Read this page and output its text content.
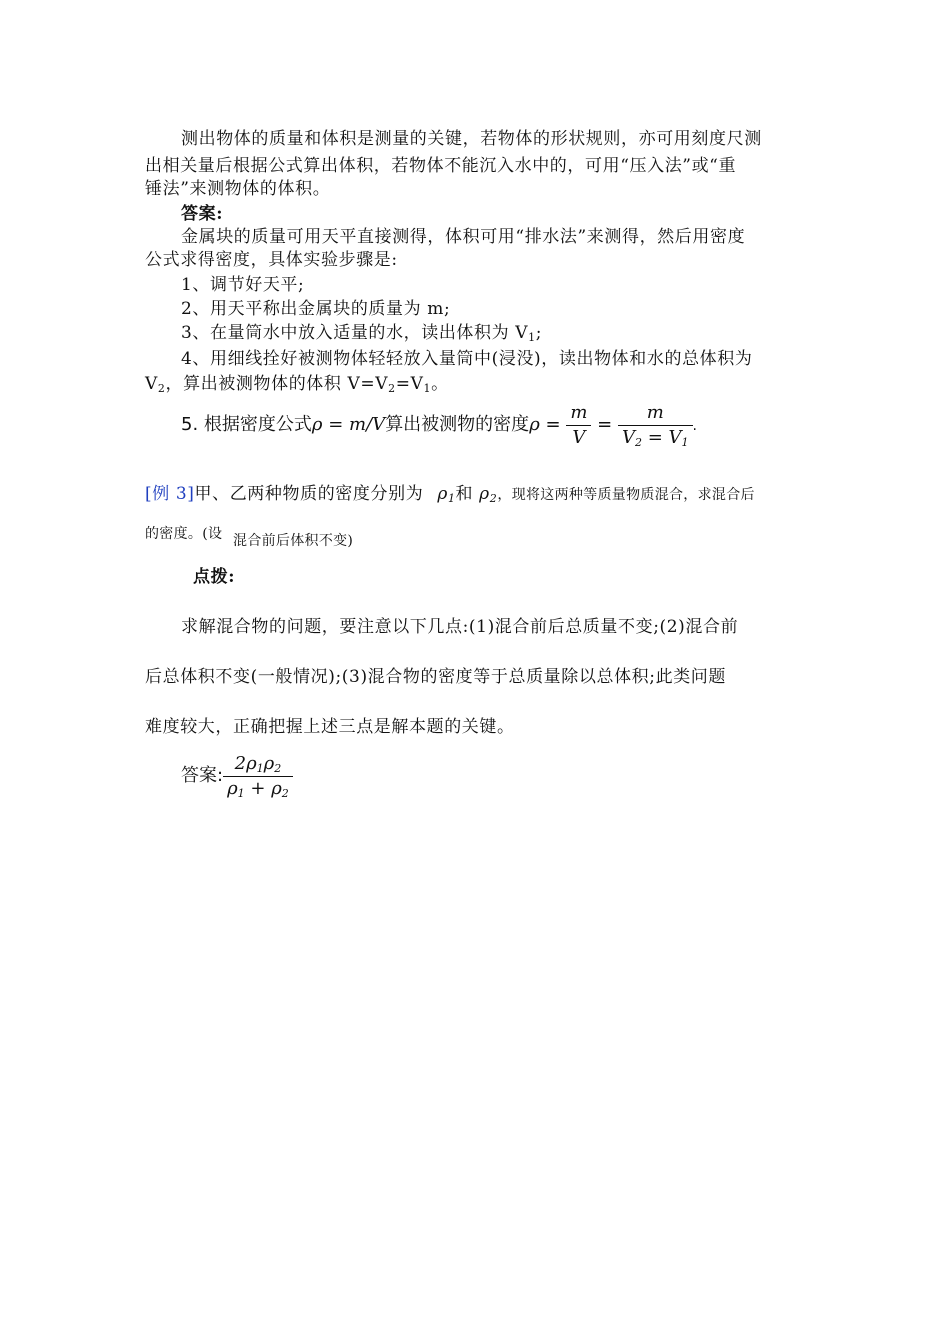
测出物体的质量和体积是测量的关键，若物体的形状规则，亦可用刻度尺测
出相关量后根据公式算出体积，若物体不能沉入水中的，可用“压入法”或“重
锤法”来测物体的体积。
答案:
金属块的质量可用天平直接测得，体积可用“排水法”来测得，然后用密度
公式求得密度，具体实验步骤是:
1、调节好天平;
2、用天平称出金属块的质量为 m;
3、在量筒水中放入适量的水，读出体积为 $V_1$;
4、用细线拴好被测物体轻轻放入量筒中(浸没)，读出物体和水的总体积为
$V_2$，算出被测物体的体积 $V=V_2=V_1$。
5. 根据密度公式ρ = m/V算出被测物的密度$\rho = \frac{m}{V} = \frac{m}{V_2 = V_1}$ .
[例 3]甲、乙两种物质的密度分别为 $\rho_1$和 $\rho_2$，现将这两种等质量物质混合，求混合后
的密度。(设 混合前后体积不变)
点拨:
求解混合物的问题，要注意以下几点:(1)混合前后总质量不变;(2)混合前
后总体积不变(一般情况);(3)混合物的密度等于总质量除以总体积;此类问题
难度较大，正确把握上述三点是解本题的关键。
答案: $\frac{2\rho_1\rho_2}{\rho_1 + \rho_2}$
